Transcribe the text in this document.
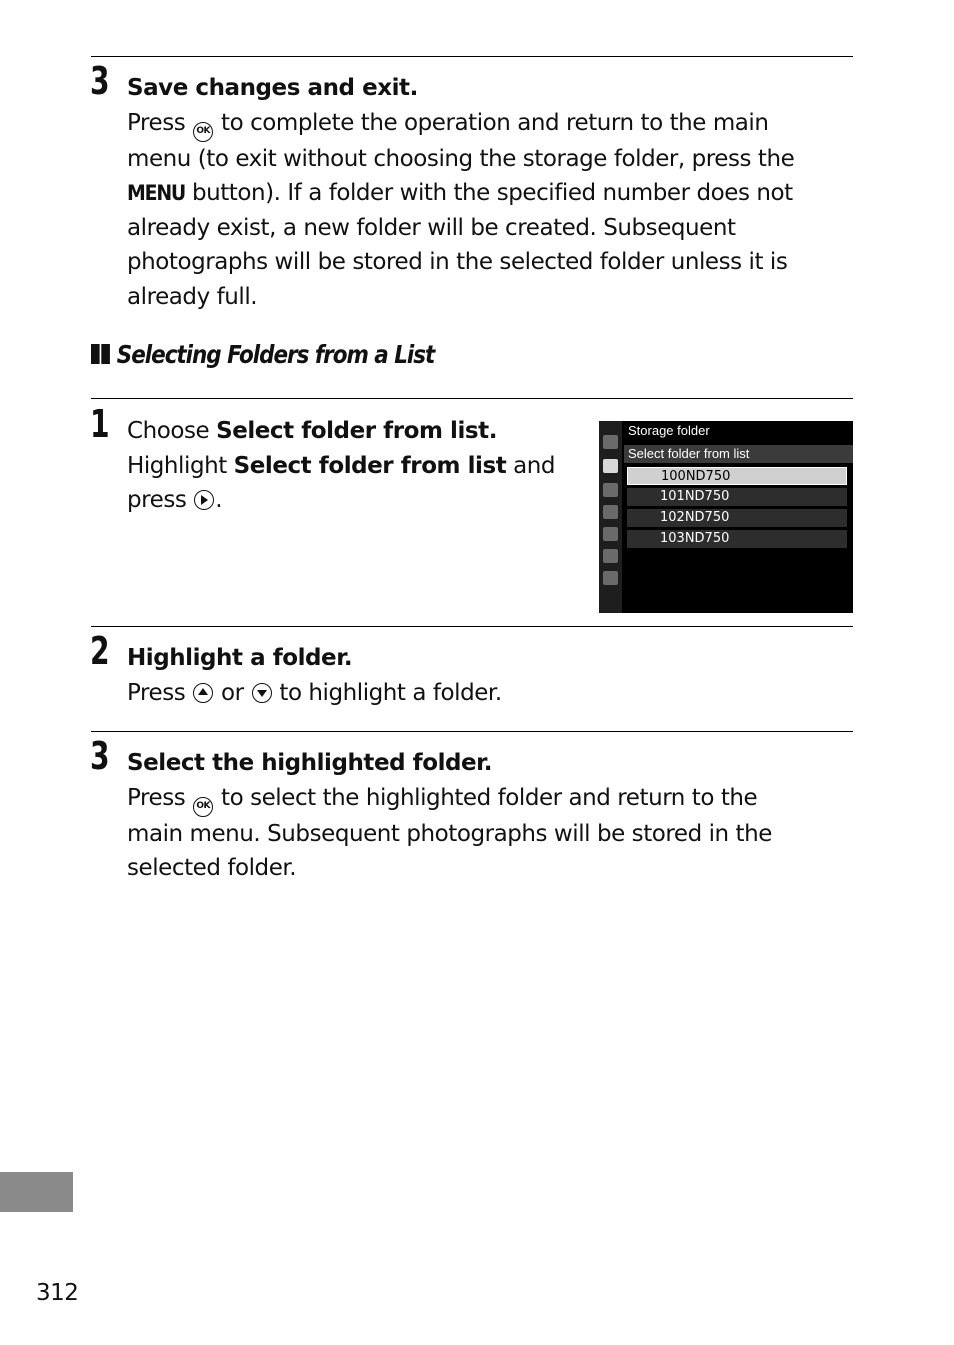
3 Save changes and exit.
Press OK to complete the operation and return to the main
menu (to exit without choosing the storage folder, press the
MENU button). If a folder with the specified number does not
already exist, a new folder will be created. Subsequent
photographs will be stored in the selected folder unless it is
already full.
Selecting Folders from a List
1 Choose Select folder from list.
Highlight Select folder from list and
press
.
Storage folder
Select folder from list
100ND750
101ND750
102ND750
103ND750
2 Highlight a folder.
Press
or
to highlight a folder.
3 Select the highlighted folder.
Press OK to select the highlighted folder and return to the
main menu. Subsequent photographs will be stored in the
selected folder.
312
